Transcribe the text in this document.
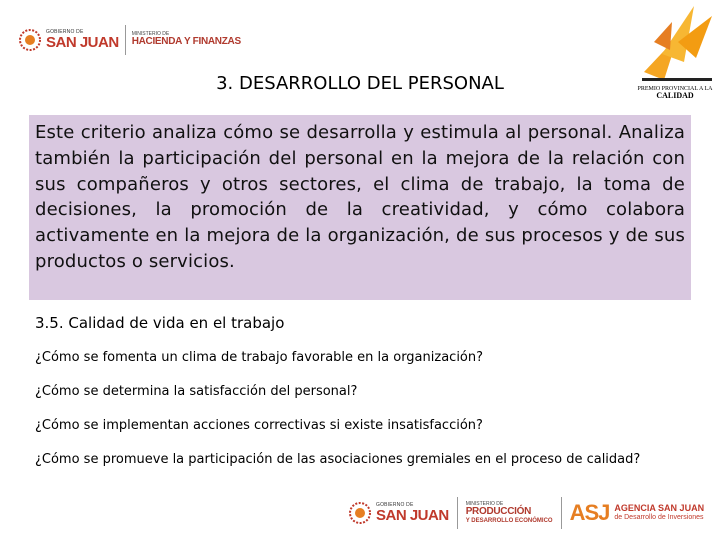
GOBIERNO DE
SAN JUAN	MINISTERIO DE
HACIENDA Y FINANZAS
PREMIO PROVINCIAL A LA
CALIDAD
3. DESARROLLO DEL PERSONAL

Este criterio analiza cómo se desarrolla y estimula al personal. Analiza también la participación del personal en la mejora de la relación con sus compañeros y otros sectores, el clima de trabajo, la toma de decisiones, la promoción de la creatividad, y cómo colabora activamente en la mejora de la organización, de sus procesos y de sus productos o servicios.

3.5. Calidad de vida en el trabajo
¿Cómo se fomenta un clima de trabajo favorable en la organización?
¿Cómo se determina la satisfacción del personal?
¿Cómo se implementan acciones correctivas si existe insatisfacción?
¿Cómo se promueve la participación de las asociaciones gremiales en el proceso de calidad?
GOBIERNO DE
SAN JUAN
MINISTERIO DE
PRODUCCIÓN
Y DESARROLLO ECONÓMICO ASJ AGENCIA SAN JUAN
de Desarrollo de Inversiones
